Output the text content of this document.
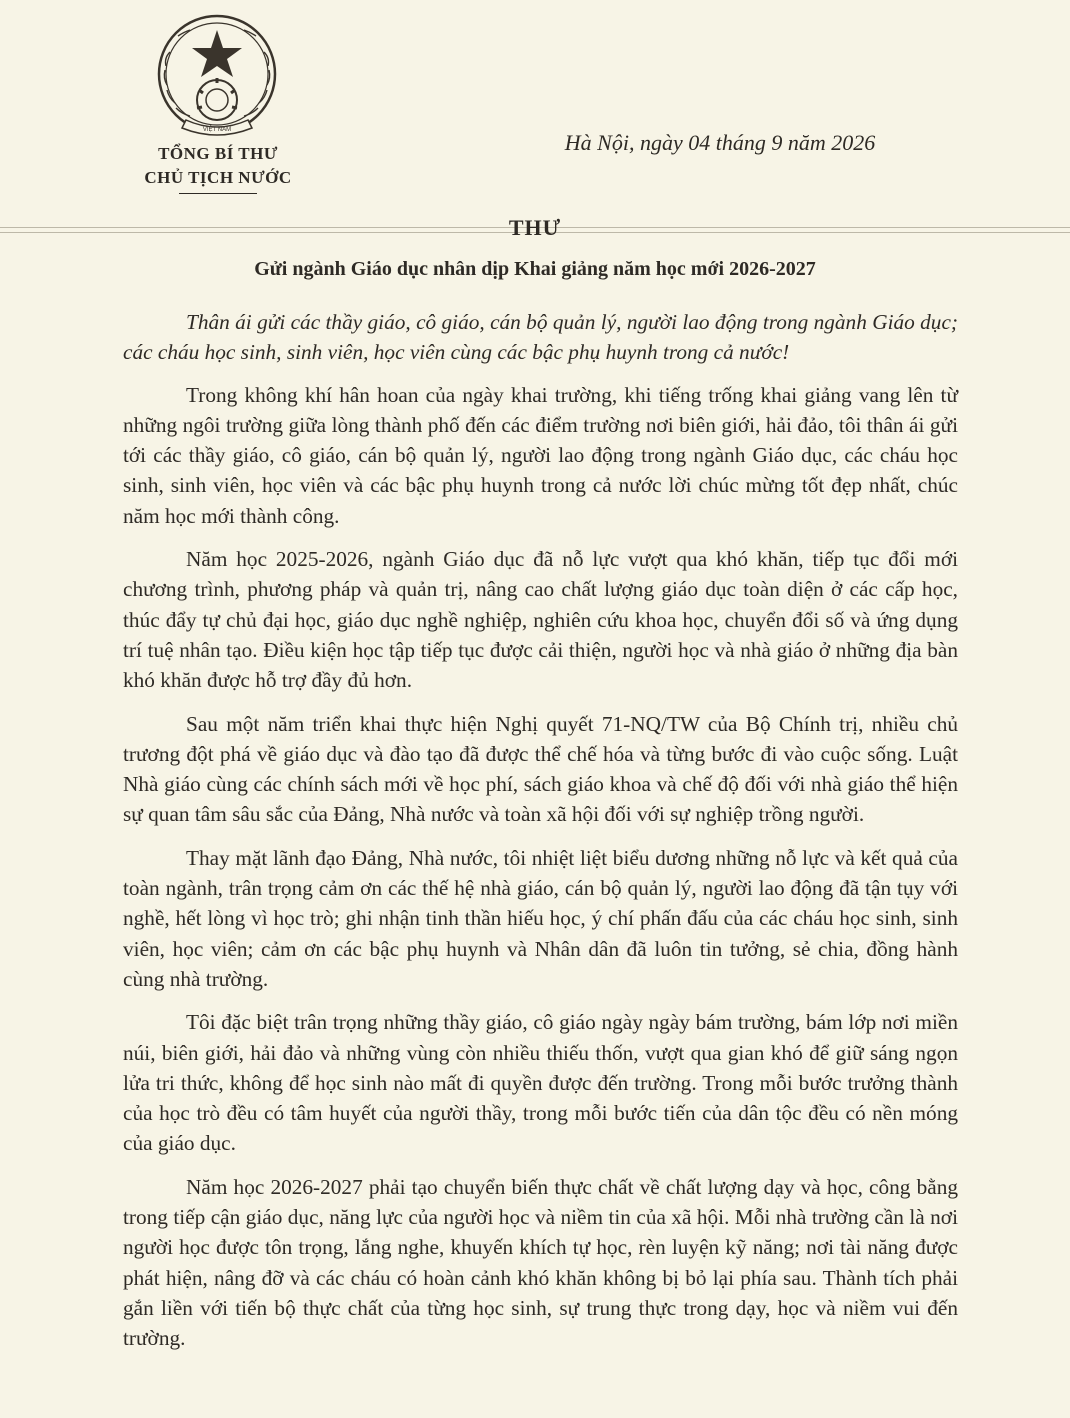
VIỆT NAM
TỔNG BÍ THƯ
CHỦ TỊCH NƯỚC
Hà Nội, ngày 04 tháng 9 năm 2026
THƯ
Gửi ngành Giáo dục nhân dịp Khai giảng năm học mới 2026-2027

Thân ái gửi các thầy giáo, cô giáo, cán bộ quản lý, người lao động trong ngành Giáo dục; các cháu học sinh, sinh viên, học viên cùng các bậc phụ huynh trong cả nước!

Trong không khí hân hoan của ngày khai trường, khi tiếng trống khai giảng vang lên từ những ngôi trường giữa lòng thành phố đến các điểm trường nơi biên giới, hải đảo, tôi thân ái gửi tới các thầy giáo, cô giáo, cán bộ quản lý, người lao động trong ngành Giáo dục, các cháu học sinh, sinh viên, học viên và các bậc phụ huynh trong cả nước lời chúc mừng tốt đẹp nhất, chúc năm học mới thành công.

Năm học 2025-2026, ngành Giáo dục đã nỗ lực vượt qua khó khăn, tiếp tục đổi mới chương trình, phương pháp và quản trị, nâng cao chất lượng giáo dục toàn diện ở các cấp học, thúc đẩy tự chủ đại học, giáo dục nghề nghiệp, nghiên cứu khoa học, chuyển đổi số và ứng dụng trí tuệ nhân tạo. Điều kiện học tập tiếp tục được cải thiện, người học và nhà giáo ở những địa bàn khó khăn được hỗ trợ đầy đủ hơn.

Sau một năm triển khai thực hiện Nghị quyết 71-NQ/TW của Bộ Chính trị, nhiều chủ trương đột phá về giáo dục và đào tạo đã được thể chế hóa và từng bước đi vào cuộc sống. Luật Nhà giáo cùng các chính sách mới về học phí, sách giáo khoa và chế độ đối với nhà giáo thể hiện sự quan tâm sâu sắc của Đảng, Nhà nước và toàn xã hội đối với sự nghiệp trồng người.

Thay mặt lãnh đạo Đảng, Nhà nước, tôi nhiệt liệt biểu dương những nỗ lực và kết quả của toàn ngành, trân trọng cảm ơn các thế hệ nhà giáo, cán bộ quản lý, người lao động đã tận tụy với nghề, hết lòng vì học trò; ghi nhận tinh thần hiếu học, ý chí phấn đấu của các cháu học sinh, sinh viên, học viên; cảm ơn các bậc phụ huynh và Nhân dân đã luôn tin tưởng, sẻ chia, đồng hành cùng nhà trường.

Tôi đặc biệt trân trọng những thầy giáo, cô giáo ngày ngày bám trường, bám lớp nơi miền núi, biên giới, hải đảo và những vùng còn nhiều thiếu thốn, vượt qua gian khó để giữ sáng ngọn lửa tri thức, không để học sinh nào mất đi quyền được đến trường. Trong mỗi bước trưởng thành của học trò đều có tâm huyết của người thầy, trong mỗi bước tiến của dân tộc đều có nền móng của giáo dục.

Năm học 2026-2027 phải tạo chuyển biến thực chất về chất lượng dạy và học, công bằng trong tiếp cận giáo dục, năng lực của người học và niềm tin của xã hội. Mỗi nhà trường cần là nơi người học được tôn trọng, lắng nghe, khuyến khích tự học, rèn luyện kỹ năng; nơi tài năng được phát hiện, nâng đỡ và các cháu có hoàn cảnh khó khăn không bị bỏ lại phía sau. Thành tích phải gắn liền với tiến bộ thực chất của từng học sinh, sự trung thực trong dạy, học và niềm vui đến trường.
